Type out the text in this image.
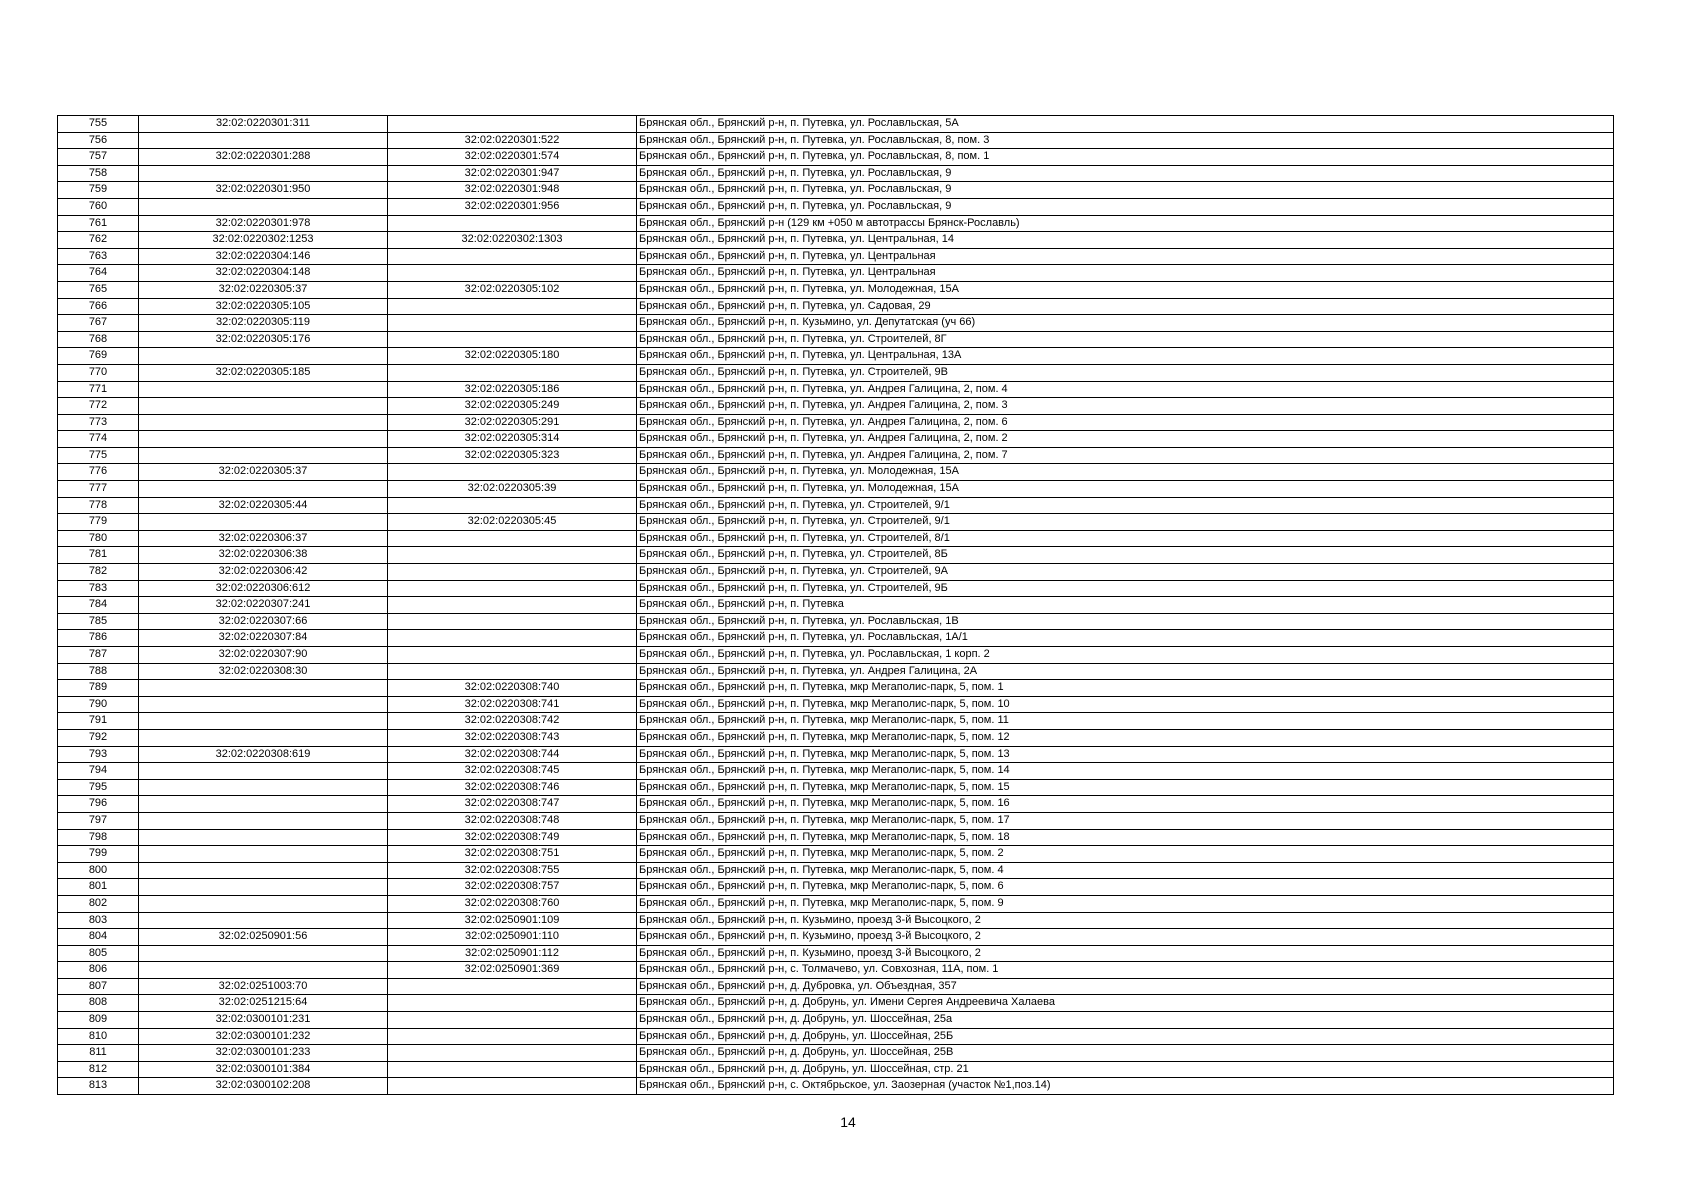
755	32:02:0220301:311		Брянская обл., Брянский р-н, п. Путевка, ул. Рославльская, 5А
756		32:02:0220301:522	Брянская обл., Брянский р-н, п. Путевка, ул. Рославльская, 8, пом. 3
757	32:02:0220301:288	32:02:0220301:574	Брянская обл., Брянский р-н, п. Путевка, ул. Рославльская, 8, пом. 1
758		32:02:0220301:947	Брянская обл., Брянский р-н, п. Путевка, ул. Рославльская, 9
759	32:02:0220301:950	32:02:0220301:948	Брянская обл., Брянский р-н, п. Путевка, ул. Рославльская, 9
760		32:02:0220301:956	Брянская обл., Брянский р-н, п. Путевка, ул. Рославльская, 9
761	32:02:0220301:978		Брянская обл., Брянский р-н (129 км +050 м автотрассы Брянск-Рославль)
762	32:02:0220302:1253	32:02:0220302:1303	Брянская обл., Брянский р-н, п. Путевка, ул. Центральная, 14
763	32:02:0220304:146		Брянская обл., Брянский р-н, п. Путевка, ул. Центральная
764	32:02:0220304:148		Брянская обл., Брянский р-н, п. Путевка, ул. Центральная
765	32:02:0220305:37	32:02:0220305:102	Брянская обл., Брянский р-н, п. Путевка, ул. Молодежная, 15А
766	32:02:0220305:105		Брянская обл., Брянский р-н, п. Путевка, ул. Садовая, 29
767	32:02:0220305:119		Брянская обл., Брянский р-н, п. Кузьмино, ул. Депутатская (уч 66)
768	32:02:0220305:176		Брянская обл., Брянский р-н, п. Путевка, ул. Строителей, 8Г
769		32:02:0220305:180	Брянская обл., Брянский р-н, п. Путевка, ул. Центральная, 13А
770	32:02:0220305:185		Брянская обл., Брянский р-н, п. Путевка, ул. Строителей, 9В
771		32:02:0220305:186	Брянская обл., Брянский р-н, п. Путевка, ул. Андрея Галицина, 2, пом. 4
772		32:02:0220305:249	Брянская обл., Брянский р-н, п. Путевка, ул. Андрея Галицина, 2, пом. 3
773		32:02:0220305:291	Брянская обл., Брянский р-н, п. Путевка, ул. Андрея Галицина, 2, пом. 6
774		32:02:0220305:314	Брянская обл., Брянский р-н, п. Путевка, ул. Андрея Галицина, 2, пом. 2
775		32:02:0220305:323	Брянская обл., Брянский р-н, п. Путевка, ул. Андрея Галицина, 2, пом. 7
776	32:02:0220305:37		Брянская обл., Брянский р-н, п. Путевка, ул. Молодежная, 15А
777		32:02:0220305:39	Брянская обл., Брянский р-н, п. Путевка, ул. Молодежная, 15А
778	32:02:0220305:44		Брянская обл., Брянский р-н, п. Путевка, ул. Строителей, 9/1
779		32:02:0220305:45	Брянская обл., Брянский р-н, п. Путевка, ул. Строителей, 9/1
780	32:02:0220306:37		Брянская обл., Брянский р-н, п. Путевка, ул. Строителей, 8/1
781	32:02:0220306:38		Брянская обл., Брянский р-н, п. Путевка, ул. Строителей, 8Б
782	32:02:0220306:42		Брянская обл., Брянский р-н, п. Путевка, ул. Строителей, 9А
783	32:02:0220306:612		Брянская обл., Брянский р-н, п. Путевка, ул. Строителей, 9Б
784	32:02:0220307:241		Брянская обл., Брянский р-н, п. Путевка
785	32:02:0220307:66		Брянская обл., Брянский р-н, п. Путевка, ул. Рославльская, 1В
786	32:02:0220307:84		Брянская обл., Брянский р-н, п. Путевка, ул. Рославльская, 1А/1
787	32:02:0220307:90		Брянская обл., Брянский р-н, п. Путевка, ул. Рославльская, 1 корп. 2
788	32:02:0220308:30		Брянская обл., Брянский р-н, п. Путевка, ул. Андрея Галицина, 2А
789		32:02:0220308:740	Брянская обл., Брянский р-н, п. Путевка, мкр Мегаполис-парк, 5, пом. 1
790		32:02:0220308:741	Брянская обл., Брянский р-н, п. Путевка, мкр Мегаполис-парк, 5, пом. 10
791		32:02:0220308:742	Брянская обл., Брянский р-н, п. Путевка, мкр Мегаполис-парк, 5, пом. 11
792		32:02:0220308:743	Брянская обл., Брянский р-н, п. Путевка, мкр Мегаполис-парк, 5, пом. 12
793	32:02:0220308:619	32:02:0220308:744	Брянская обл., Брянский р-н, п. Путевка, мкр Мегаполис-парк, 5, пом. 13
794		32:02:0220308:745	Брянская обл., Брянский р-н, п. Путевка, мкр Мегаполис-парк, 5, пом. 14
795		32:02:0220308:746	Брянская обл., Брянский р-н, п. Путевка, мкр Мегаполис-парк, 5, пом. 15
796		32:02:0220308:747	Брянская обл., Брянский р-н, п. Путевка, мкр Мегаполис-парк, 5, пом. 16
797		32:02:0220308:748	Брянская обл., Брянский р-н, п. Путевка, мкр Мегаполис-парк, 5, пом. 17
798		32:02:0220308:749	Брянская обл., Брянский р-н, п. Путевка, мкр Мегаполис-парк, 5, пом. 18
799		32:02:0220308:751	Брянская обл., Брянский р-н, п. Путевка, мкр Мегаполис-парк, 5, пом. 2
800		32:02:0220308:755	Брянская обл., Брянский р-н, п. Путевка, мкр Мегаполис-парк, 5, пом. 4
801		32:02:0220308:757	Брянская обл., Брянский р-н, п. Путевка, мкр Мегаполис-парк, 5, пом. 6
802		32:02:0220308:760	Брянская обл., Брянский р-н, п. Путевка, мкр Мегаполис-парк, 5, пом. 9
803		32:02:0250901:109	Брянская обл., Брянский р-н, п. Кузьмино, проезд 3-й Высоцкого, 2
804	32:02:0250901:56	32:02:0250901:110	Брянская обл., Брянский р-н, п. Кузьмино, проезд 3-й Высоцкого, 2
805		32:02:0250901:112	Брянская обл., Брянский р-н, п. Кузьмино, проезд 3-й Высоцкого, 2
806		32:02:0250901:369	Брянская обл., Брянский р-н, с. Толмачево, ул. Совхозная, 11А, пом. 1
807	32:02:0251003:70		Брянская обл., Брянский р-н, д. Дубровка, ул. Объездная, 357
808	32:02:0251215:64		Брянская обл., Брянский р-н, д. Добрунь, ул. Имени Сергея Андреевича Халаева
809	32:02:0300101:231		Брянская обл., Брянский р-н, д. Добрунь, ул. Шоссейная, 25а
810	32:02:0300101:232		Брянская обл., Брянский р-н, д. Добрунь, ул. Шоссейная, 25Б
811	32:02:0300101:233		Брянская обл., Брянский р-н, д. Добрунь, ул. Шоссейная, 25В
812	32:02:0300101:384		Брянская обл., Брянский р-н, д. Добрунь, ул. Шоссейная, стр. 21
813	32:02:0300102:208		Брянская обл., Брянский р-н, с. Октябрьское, ул. Заозерная (участок №1,поз.14)
14
